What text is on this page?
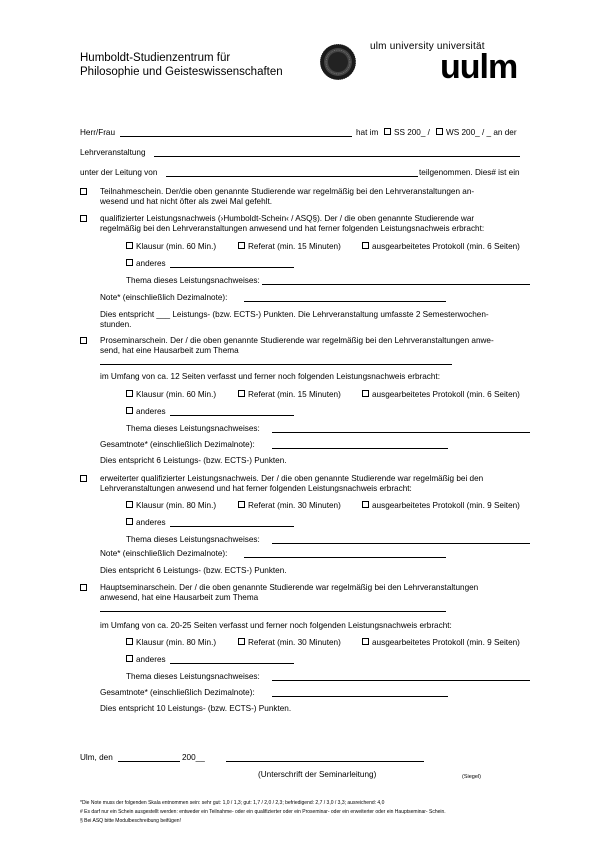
Humboldt-Studienzentrum für
Philosophie und Geisteswissenschaften
ulm university universität
uulm
Herr/Frau	hat im	SS 200_ /	WS 200_ / _ an der
Lehrveranstaltung
unter der Leitung von	teilgenommen. Dies# ist ein
Teilnahmeschein. Der/die oben genannte Studierende war regelmäßig bei den Lehrveranstaltungen an-
wesend und hat nicht öfter als zwei Mal gefehlt.
qualifizierter Leistungsnachweis (›Humboldt-Schein‹ / ASQ§). Der / die oben genannte Studierende war
regelmäßig bei den Lehrveranstaltungen anwesend und hat ferner folgenden Leistungsnachweis erbracht:
Klausur (min. 60 Min.)	Referat (min. 15 Minuten)	ausgearbeitetes Protokoll (min. 6 Seiten)
anderes
Thema dieses Leistungsnachweises:
Note* (einschließlich Dezimalnote):
Dies entspricht ___ Leistungs- (bzw. ECTS-) Punkten. Die Lehrveranstaltung umfasste 2 Semesterwochen-
stunden.
Proseminarschein. Der / die oben genannte Studierende war regelmäßig bei den Lehrveranstaltungen anwe-
send, hat eine Hausarbeit zum Thema
im Umfang von ca. 12 Seiten verfasst und ferner noch folgenden Leistungsnachweis erbracht:
Klausur (min. 60 Min.)	Referat (min. 15 Minuten)	ausgearbeitetes Protokoll (min. 6 Seiten)
anderes
Thema dieses Leistungsnachweises:
Gesamtnote* (einschließlich Dezimalnote):
Dies entspricht 6 Leistungs- (bzw. ECTS-) Punkten.
erweiterter qualifizierter Leistungsnachweis. Der / die oben genannte Studierende war regelmäßig bei den
Lehrveranstaltungen anwesend und hat ferner folgenden Leistungsnachweis erbracht:
Klausur (min. 80 Min.)	Referat (min. 30 Minuten)	ausgearbeitetes Protokoll (min. 9 Seiten)
anderes
Thema dieses Leistungsnachweises:
Note* (einschließlich Dezimalnote):
Dies entspricht 6 Leistungs- (bzw. ECTS-) Punkten.
Hauptseminarschein. Der / die oben genannte Studierende war regelmäßig bei den Lehrveranstaltungen
anwesend, hat eine Hausarbeit zum Thema
im Umfang von ca. 20-25 Seiten verfasst und ferner noch folgenden Leistungsnachweis erbracht:
Klausur (min. 80 Min.)	Referat (min. 30 Minuten)	ausgearbeitetes Protokoll (min. 9 Seiten)
anderes
Thema dieses Leistungsnachweises:
Gesamtnote* (einschließlich Dezimalnote):
Dies entspricht 10 Leistungs- (bzw. ECTS-) Punkten.
Ulm, den	200__
(Unterschrift der Seminarleitung)	(Siegel)
*Die Note muss der folgenden Skala entnommen sein: sehr gut: 1,0 / 1,3; gut: 1,7 / 2,0 / 2,3; befriedigend: 2,7 / 3,0 / 3,3; ausreichend: 4,0
# Es darf nur ein Schein ausgestellt werden: entweder ein Teilnahme- oder ein qualifizierter oder ein Proseminar- oder ein erweiterter oder ein Hauptseminar- Schein.
§ Bei ASQ bitte Modulbeschreibung beifügen!
